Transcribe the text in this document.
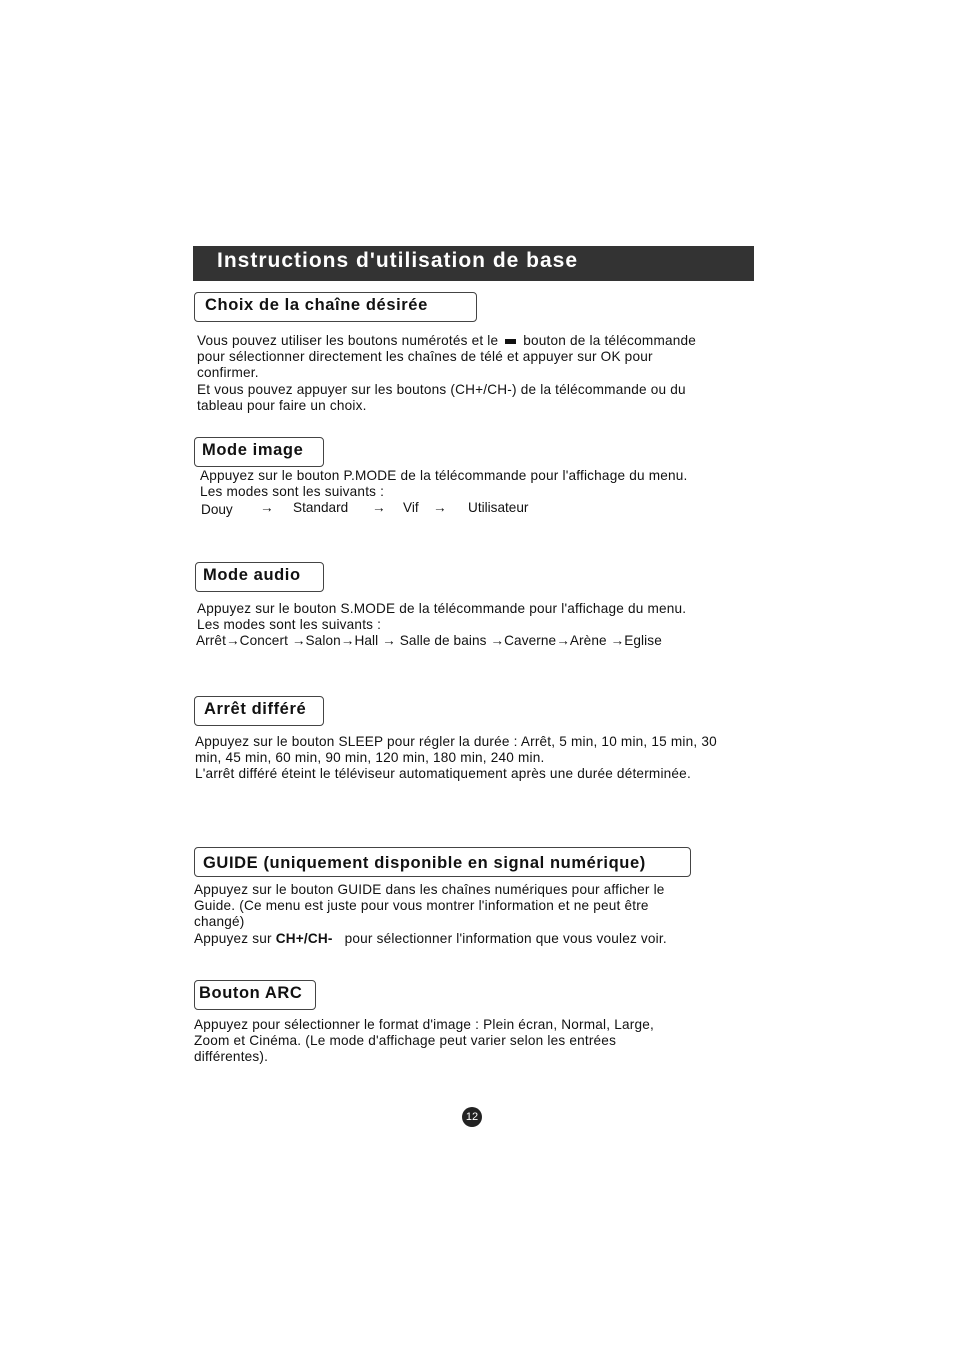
Instructions d'utilisation de base
Choix de la chaîne désirée
Vous pouvez utiliser les boutons numérotés et le bouton de la télécommande
pour sélectionner directement les chaînes de télé et appuyer sur OK pour
confirmer.
Et vous pouvez appuyer sur les boutons (CH+/CH-) de la télécommande ou du
tableau pour faire un choix.
Mode image
Appuyez sur le bouton P.MODE de la télécommande pour l'affichage du menu.
Les modes sont les suivants :
Douy → Standard → Vif → Utilisateur
Mode audio
Appuyez sur le bouton S.MODE de la télécommande pour l'affichage du menu.
Les modes sont les suivants :
Arrêt→Concert →Salon→Hall → Salle de bains →Caverne→Arène →Eglise
Arrêt différé
Appuyez sur le bouton SLEEP pour régler la durée : Arrêt, 5 min, 10 min, 15 min, 30
min, 45 min, 60 min, 90 min, 120 min, 180 min, 240 min.
L'arrêt différé éteint le téléviseur automatiquement après une durée déterminée.
GUIDE (uniquement disponible en signal numérique)
Appuyez sur le bouton GUIDE dans les chaînes numériques pour afficher le
Guide. (Ce menu est juste pour vous montrer l'information et ne peut être
changé)
Appuyez sur CH+/CH- pour sélectionner l'information que vous voulez voir.
Bouton ARC
Appuyez pour sélectionner le format d'image : Plein écran, Normal, Large,
Zoom et Cinéma. (Le mode d'affichage peut varier selon les entrées
différentes).
12
